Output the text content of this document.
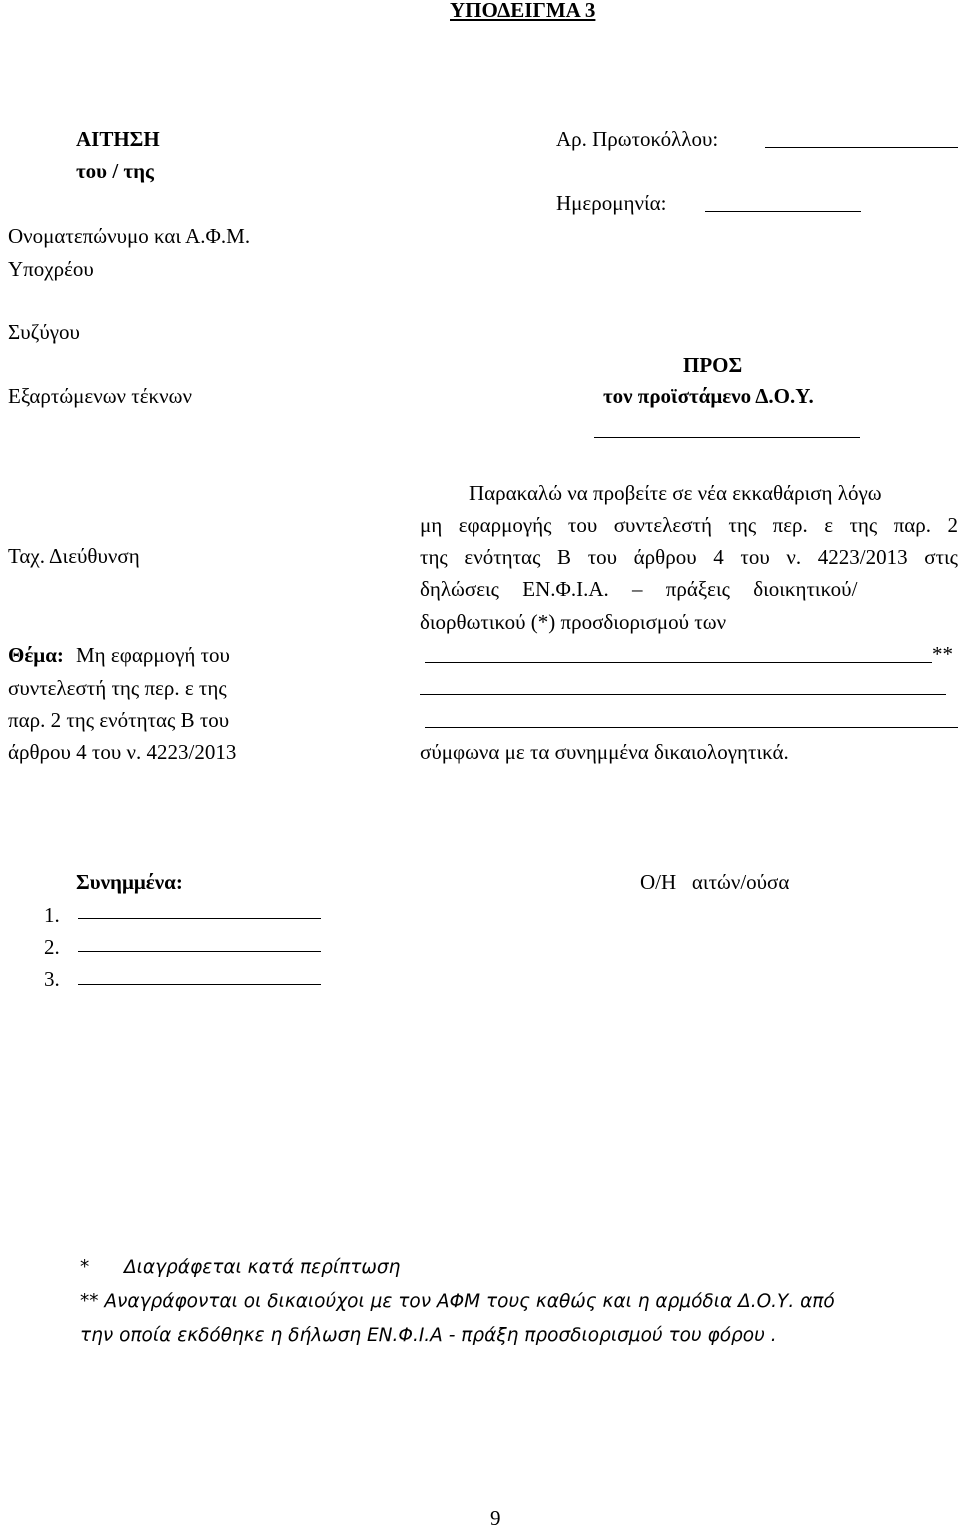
ΥΠΟΔΕΙΓΜΑ 3
ΑΙΤΗΣΗ
του / της
Ονοματεπώνυμο και Α.Φ.Μ.
Υποχρέου
Συζύγου
Εξαρτώμενων τέκνων
Ταχ. Διεύθυνση
Θέμα: Μη εφαρμογή του
συντελεστή της περ. ε της
παρ. 2 της ενότητας Β του
άρθρου 4 του ν. 4223/2013
Αρ. Πρωτοκόλλου:
Ημερομηνία:
ΠΡΟΣ
τον προϊστάμενο Δ.Ο.Υ.
Παρακαλώ να προβείτε σε νέα εκκαθάριση λόγω
μη εφαρμογής του συντελεστή της περ. ε της παρ. 2
της ενότητας Β του άρθρου 4 του ν. 4223/2013 στις
δηλώσεις ΕΝ.Φ.Ι.Α. – πράξεις διοικητικού/
διορθωτικού (*) προσδιορισμού των
**
σύμφωνα με τα συνημμένα δικαιολογητικά.
Συνημμένα:
1.
2.
3.
Ο/Η   αιτών/ούσα
* Διαγράφεται κατά περίπτωση
** Αναγράφονται οι δικαιούχοι με τον ΑΦΜ τους καθώς και η αρμόδια Δ.Ο.Υ. από
την οποία εκδόθηκε η δήλωση ΕΝ.Φ.Ι.Α - πράξη προσδιορισμού του φόρου .
9
